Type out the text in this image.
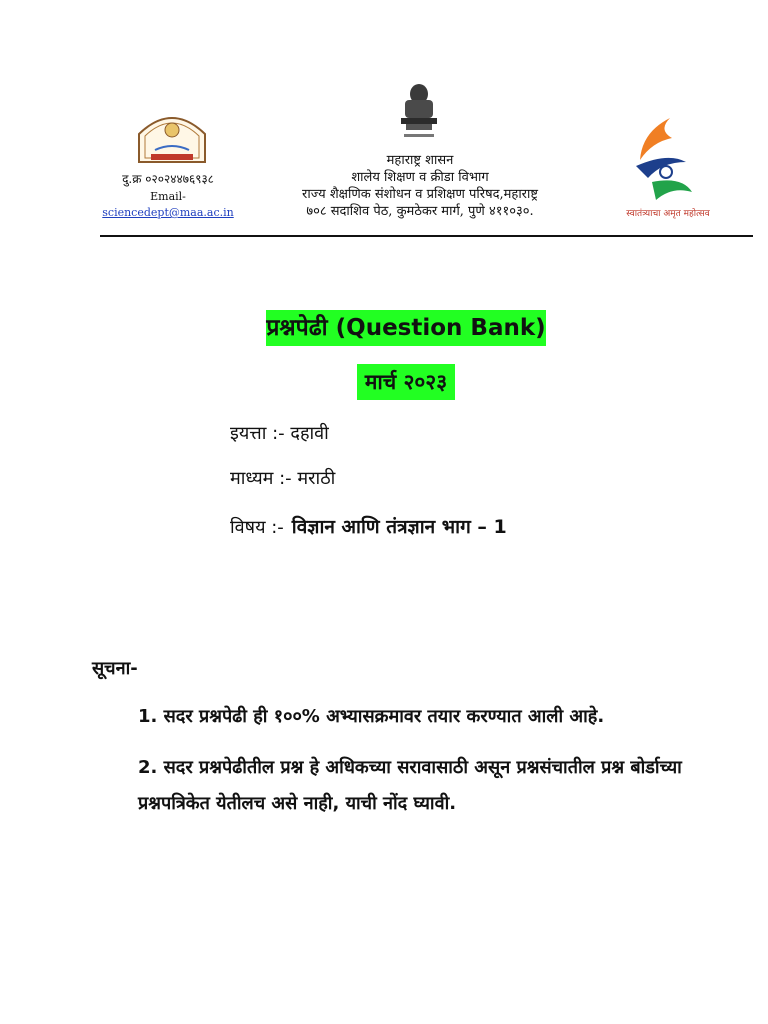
दु.क्र ०२०२४४७६९३८
Email-
sciencedept@maa.ac.in
महाराष्ट्र शासन
शालेय शिक्षण व क्रीडा विभाग
राज्य शैक्षणिक संशोधन व प्रशिक्षण परिषद,महाराष्ट्र
७०८ सदाशिव पेठ, कुमठेकर मार्ग, पुणे ४११०३०.	स्वातंत्र्याचा अमृत महोत्सव
प्रश्नपेढी (Question Bank)
मार्च २०२३
इयत्ता :- दहावी
माध्यम :- मराठी
विषय :- विज्ञान आणि तंत्रज्ञान भाग – 1
सूचना-
1. सदर प्रश्नपेढी ही १००% अभ्यासक्रमावर तयार करण्यात आली आहे.
2. सदर प्रश्नपेढीतील प्रश्न हे अधिकच्या सरावासाठी असून प्रश्नसंचातील प्रश्न बोर्डाच्या प्रश्नपत्रिकेत येतीलच असे नाही, याची नोंद घ्यावी.
